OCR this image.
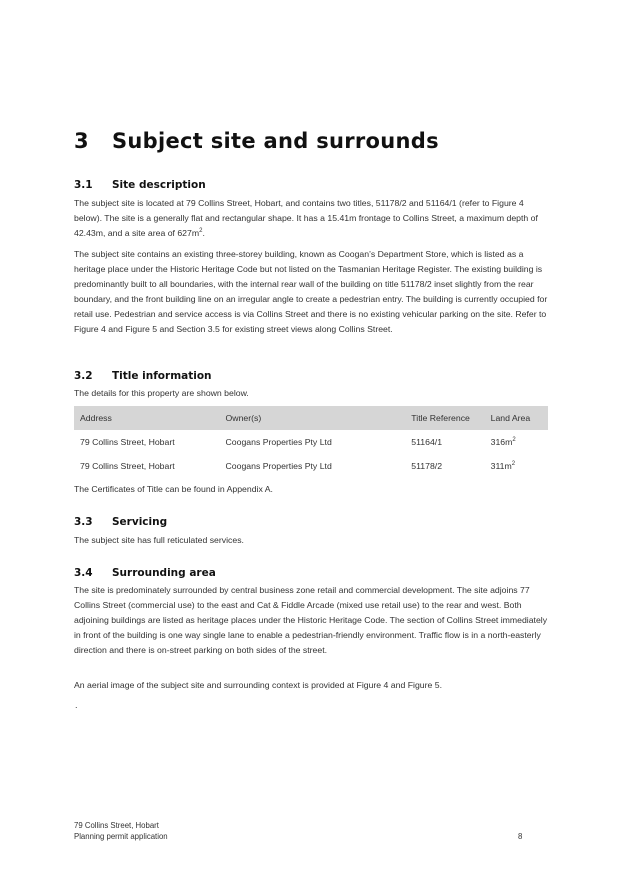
3 Subject site and surrounds
3.1 Site description

The subject site is located at 79 Collins Street, Hobart, and contains two titles, 51178/2 and 51164/1 (refer to Figure 4 below). The site is a generally flat and rectangular shape. It has a 15.41m frontage to Collins Street, a maximum depth of 42.43m, and a site area of $627m^2$.

The subject site contains an existing three-storey building, known as Coogan’s Department Store, which is listed as a heritage place under the Historic Heritage Code but not listed on the Tasmanian Heritage Register. The existing building is predominantly built to all boundaries, with the internal rear wall of the building on title 51178/2 inset slightly from the rear boundary, and the front building line on an irregular angle to create a pedestrian entry. The building is currently occupied for retail use. Pedestrian and service access is via Collins Street and there is no existing vehicular parking on the site. Refer to Figure 4 and Figure 5 and Section 3.5 for existing street views along Collins Street.

3.2 Title information

The details for this property are shown below.

Address	Owner(s)	Title Reference	Land Area
79 Collins Street, Hobart	Coogans Properties Pty Ltd	51164/1	$316m^2$
79 Collins Street, Hobart	Coogans Properties Pty Ltd	51178/2	$311m^2$

The Certificates of Title can be found in Appendix A.

3.3 Servicing

The subject site has full reticulated services.

3.4 Surrounding area

The site is predominately surrounded by central business zone retail and commercial development. The site adjoins 77 Collins Street (commercial use) to the east and Cat & Fiddle Arcade (mixed use retail use) to the rear and west. Both adjoining buildings are listed as heritage places under the Historic Heritage Code. The section of Collins Street immediately in front of the building is one way single lane to enable a pedestrian-friendly environment. Traffic flow is in a north-easterly direction and there is on-street parking on both sides of the street.

An aerial image of the subject site and surrounding context is provided at Figure 4 and Figure 5.

.
79 Collins Street, Hobart
Planning permit application	8
